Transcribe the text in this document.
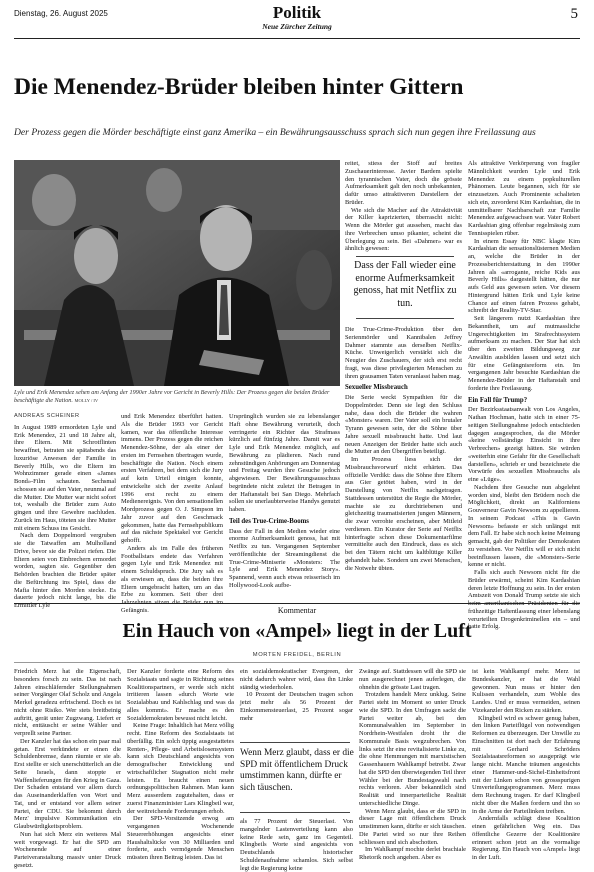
Dienstag, 26. August 2025	Politik
Neue Zürcher Zeitung
5
Die Menendez-Brüder bleiben hinter Gittern

Der Prozess gegen die Mörder beschäftigte einst ganz Amerika – ein Bewährungsausschuss sprach sich nun gegen ihre Freilassung aus

Lyle und Erik Menendez sehen am Anfang der 1990er Jahre vor Gericht in Beverly Hills: Der Prozess gegen die beiden Brüder beschäftigte die Nation. MOLLY / IV
ANDREAS SCHEINER

In August 1989 ermordeten Lyle und Erik Menendez, 21 und 18 Jahre alt, ihre Eltern. Mit Schrotflinten bewaffnet, betraten sie spätabends das luxuriöse Anwesen der Familie in Beverly Hills, wo die Eltern im Wohnzimmer gerade einen «James Bond»-Film schauten. Sechsmal schossen sie auf den Vater, neunmal auf die Mutter. Die Mutter war nicht sofort tot, weshalb die Brüder zum Auto gingen und ihre Gewehre nachluden. Zurück im Haus, töteten sie ihre Mutter mit einem Schuss ins Gesicht.

Nach dem Doppelmord vergruben sie die Tatwaffen am Mulholland Drive, bevor sie die Polizei riefen. Die Eltern seien von Einbrechern ermordet worden, sagten sie. Gegenüber den Behörden brachten die Brüder später die Befürchtung ins Spiel, dass die Mafia hinter den Morden stecke. Es dauerte jedoch nicht lange, bis die Ermittler Lyle

und Erik Menendez überführt hatten. Als die Brüder 1993 vor Gericht kamen, war das öffentliche Interesse immens. Der Prozess gegen die reichen Menendez-Söhne, der als einer der ersten im Fernsehen übertragen wurde, beschäftigte die Nation. Noch einem ersten Verfahren, bei dem sich die Jury auf kein Urteil einigen konnte, entwickelte sich der zweite Anlauf 1996 erst recht zu einem Medienereignis. Von den sensationellen Mordprozess gegen O. J. Simpson im Jahr zuvor auf den Geschmack gekommen, hatte das Fernsehpublikum auf das nächste Spektakel vor Gericht gehofft.

Anders als im Falle des früheren Footballstars endete das Verfahren gegen Lyle und Erik Menendez mit einem Schuldspruch. Die Jury sah es als erwiesen an, dass die beiden ihre Eltern umgebracht hatten, um an das Erbe zu kommen. Seit über drei Jahrzehnten sitzen die Brüder nun im Gefängnis.

Ursprünglich wurden sie zu lebenslanger Haft ohne Bewährung verurteilt, doch verringerte ein Richter das Strafmass kürzlich auf fünfzig Jahre. Damit war es Lyle und Erik Menendez möglich, auf Bewährung zu plädieren. Nach rund zehnstündigen Anhörungen am Donnerstag und Freitag wurden ihre Gesuche jedoch abgewiesen. Der Bewährungsausschuss begründete nicht zuletzt ihr Betragen in der Haftanstalt bei San Diego. Mehrfach sollen sie unerlaubterweise Handys genutzt haben.

Teil des True-Crime-Booms

Dass der Fall in den Medien wieder eine enorme Aufmerksamkeit genoss, hat mit Netflix zu tun. Vergangenen September veröffentlichte der Streamingdienst die True-Crime-Miniserie «Monsters: The Lyle and Erik Menendez Story». Spannend, wenn auch etwas reisserisch im Hollywood-Look aufbe-

reitet, stiess der Stoff auf breites Zuschauerinteresse. Javier Bardem spielte den tyrannischen Vater, doch die grösste Aufmerksamkeit galt den noch unbekannten, dafür umso attraktiveren Darstellern der Brüder.

Wie sich die Macher auf die Attraktivität der Killer kaprizierten, überrascht nicht: Wenn die Mörder gut aussehen, macht das ihre Verbrechen umso pikanter, scheint die Überlegung zu sein. Bei «Dahmer» war es ähnlich gewesen:

Dass der Fall wieder eine enorme Aufmerksamkeit genoss, hat mit Netflix zu tun.

Die True-Crime-Produktion über den Serienmörder und Kannibalen Jeffrey Dahmer stammte aus derselben Netflix-Küche. Unweigerlich verstärkt sich die Neugier des Zuschauers, der sich erst recht fragt, was diese privilegierten Menschen zu ihren grausamen Taten veranlasst haben mag.

Sexueller Missbrauch

Die Serie weckt Sympathien für die Doppelmörder. Denn sie legt den Schluss nahe, dass doch die Brüder die wahren «Monster» waren. Der Vater soll ein brutaler Tyrann gewesen sein, der die Söhne über Jahre sexuell missbraucht hatte. Und laut neuen Anzeigen der Brüder hatte sich auch die Mutter an den Übergriffen beteiligt.

Im Prozess liess sich der Missbrauchsvorwurf nicht erhärten. Das offizielle Verdikt: dass die Söhne ihre Eltern aus Gier getötet haben, wird in der Darstellung von Netflix nachgetragen. Stattdessen unterstützt die Regie die Mörder, machte sie zu durchtriebenen und gleichzeitig traumatisierten jungen Männern, die zwar verrohte erscheinen, aber Mitleid verdienen. Ein Kurator der Serie auf Netflix hinterfragte schon diese Dokumentarfilme vermittelte auch den Eindruck, dass es sich bei den Tätern nicht um kaltblütige Killer gehandelt habe. Sondern um zwei Menschen, die Notwehr übten.

Als attraktive Verkörperung von fragiler Männlichkeit wurden Lyle und Erik Menendez zu einem popkulturellen Phänomen. Leute begannen, sich für sie einzusetzen. Auch Prominente schalteten sich ein, zuvorderst Kim Kardashian, die in unmittelbarer Nachbarschaft zur Familie Menendez aufgewachsen war. Vater Robert Kardashian ging offenbar regelmässig zum Tennisspielen rüber.

In einem Essay für NBC klagte Kim Kardashian die sensationslüsternen Medien an, welche die Brüder in der Prozessberichterstattung in den 1990er Jahren als «arrogante, reiche Kids aus Beverly Hills» dargestellt hätten, die nur aufs Geld aus gewesen seien. Vor diesem Hintergrund hätten Erik und Lyle keine Chance auf einen fairen Prozess gehabt, schreibt der Reality-TV-Star.

Seit längerem nutzt Kardashian ihre Bekanntheit, um auf mutmassliche Ungerechtigkeiten im Strafrechtssystem aufmerksam zu machen. Der Star hat sich über den zweiten Bildungsweg zur Anwältin ausbilden lassen und setzt sich für eine Gefängnisreform ein. Im vergangenen Jahr besuchte Kardashian die Menendez-Brüder in der Haftanstalt und forderte ihre Freilassung.

Ein Fall für Trump?

Der Bezirksstaatsanwalt von Los Angeles, Nathan Hochman, hatte sich in einer 75-seitigen Stellungnahme jedoch entschieden dagegen ausgesprochen, da die Mörder «keine vollständige Einsicht in ihre Verbrechen» gezeigt hätten. Sie würden «weiterhin eine Gefahr für die Gesellschaft darstellen», schrieb er und bezeichnete die Vorwürfe des sexuellen Missbrauchs als eine «Lüge».

Nachdem ihre Gesuche nun abgelehnt worden sind, bleibt den Brüdern noch die Möglichkeit, direkt an Kaliforniens Gouverneur Gavin Newsom zu appellieren. In seinem Podcast «This is Gavin Newsom» befasste er sich unlängst mit dem Fall. Er habe sich noch keine Meinung gemacht, gab der Politiker der Demokraten zu verstehen. Vor Netflix will er sich nicht beeinflussen lassen, die «Monster»-Serie kenne er nicht.

Falls sich auch Newsom nicht für die Brüder erwärmt, scheint Kim Kardashian deren letzte Hoffnung zu sein. In der ersten Amtszeit von Donald Trump setzte sie sich beim amerikanischen Präsidenten für die frühzeitige Haftentlassung einer lebenslang verurteilten Drogenkriminellen ein – und hatte Erfolg.

Kommentar
Ein Hauch von «Ampel» liegt in der Luft
MORTEN FREIDEL, BERLIN

Friedrich Merz hat die Eigenschaft, besonders forsch zu sein. Das ist nach Jahren einschläfernder Stellungnahmen seiner Vorgänger Olaf Scholz und Angela Merkel geradezu erfrischend. Doch es ist nicht ohne Risiko. Wer stets breitbeinig auftritt, gerät unter Zugzwang. Liefert er nicht, enttäuscht er seine Wähler und verprellt seine Partner.

Der Kanzler hat das schon ein paar mal getan. Erst verkündete er einen die Schuldenbremse, dann räumte er sie ab. Erst stellte er sich unerschütterlich an die Seite Israels, dann stoppte er Waffenlieferungen für den Krieg in Gaza. Der Schaden entstand vor allem durch das Auseinanderklaffen von Wort und Tat, und er entstand vor allem seiner Partei, der CDU. Sie bekommt durch Merz' impulsive Kommunikation ein Glaubwürdigkeitsproblem.

Nun hat sich Merz ein weiteres Mal weit vorgewagt. Er hat die SPD am Wochenende auf einer Parteiveranstaltung massiv unter Druck gesetzt.

Der Kanzler forderte eine Reform des Sozialstaats und sagte in Richtung seines Koalitionspartners, er werde sich nicht irritieren lassen «durch Worte wie Sozialabbau und Kahlschlag und was da alles kommt». Er mache es den Sozialdemokraten bewusst nicht leicht.

Keine Frage: Inhaltlich hat Merz völlig recht. Eine Reform des Sozialstaats ist überfällig. Ein solch üppig ausgestattetes Renten-, Pflege- und Arbeitslosensystem kann sich Deutschland angesichts von demografischer Entwicklung und wirtschaftlicher Stagnation nicht mehr leisten. Es braucht einen neuen ordnungspolitischen Rahmen. Man kann Merz ausserdem zugutehalten, dass er zuerst Finanzminister Lars Klingbeil war, der weitreichende Forderungen erhob.

Der SPD-Vorsitzende erwog am vergangenen Wochenende Steuererhöhungen angesichts einer Haushaltslücke von 30 Milliarden und forderte, auch vermögende Menschen müssten ihren Beitrag leisten. Das ist

ein sozialdemokratischer Evergreen, der nicht dadurch wahrer wird, dass ihn Linke ständig wiederholen.

10 Prozent der Deutschen tragen schon jetzt mehr als 56 Prozent der Einkommensteuerlast, 25 Prozent sogar mehr

Wenn Merz glaubt, dass er die SPD mit öffentlichem Druck umstimmen kann, dürfte er sich täuschen.

als 77 Prozent der Steuerlast. Von mangelnder Lastenverteilung kann also keine Rede sein, ganz im Gegenteil. Klingbeils Worte sind angesichts von Deutschlands historischer Schuldenaufnahme schamlos. Sich selbst legt die Regierung keine

Zwänge auf. Stattdessen will die SPD sie nun ausgerechnet jenen auferlegen, die ohnehin die grösste Last tragen.

Trotzdem handelt Merz unklug. Seine Partei steht im Moment so unter Druck wie die SPD. In den Umfragen sackt die Partei weiter ab, bei den Kommunalwahlen im September in Nordrhein-Westfalen droht ihr die Kommunale Basis wegzubrechen. Von links setzt ihr eine revitalisierte Linke zu, die ohne Hemmungen mit marxistischen Gassenhauern Wahlkampf betreibt. Zwar hat die SPD den überwiegenden Teil ihrer Wähler bei der Bundestagswahl nach rechts verloren. Aber bekanntlich sind Realität und innerparteiliche Realität unterschiedliche Dinge.

Wenn Merz glaubt, dass er die SPD in dieser Lage mit öffentlichem Druck umstimmen kann, dürfte er sich täuschen. Die Partei wird so nur ihre Reihen schliessen und sich abschotten.

Im Wahlkampf mochte derlei brachiale Rhetorik noch angehen. Aber es

ist kein Wahlkampf mehr. Merz ist Bundeskanzler, er hat die Wahl gewonnen. Nun muss er hinter den Kulissen verhandeln, zum Wohle des Landes. Und er muss vermeiden, seinen Vizekanzler den Ricken zu stärken.

Klingbeil wird es schwer genug haben, den linken Parteiflügel von notwendigen Reformen zu überzeugen. Der Unwille zu Einschnitten ist dort nach der Erfahrung mit Gerhard Schröders Sozialstaatsreformen so ausgeprägt wie lange nicht. Manche träumen angesichts einer Hammer-und-Sichel-Einheitsfront mit der Linken schon von grossspurigen Umverteilungsprogrammen. Merz muss dem Rechnung tragen. Er darf Klingbeil nicht über die Maßen fordern und ihn so in die Arme der Parteilinken treiben.

Andernfalls schlägt diese Koalition einen gefährlichen Weg ein. Das öffentliche Gezerre der Koalitionäre erinnert schon jetzt an die vormalige Regierung. Ein Hauch von «Ampel» liegt in der Luft.
